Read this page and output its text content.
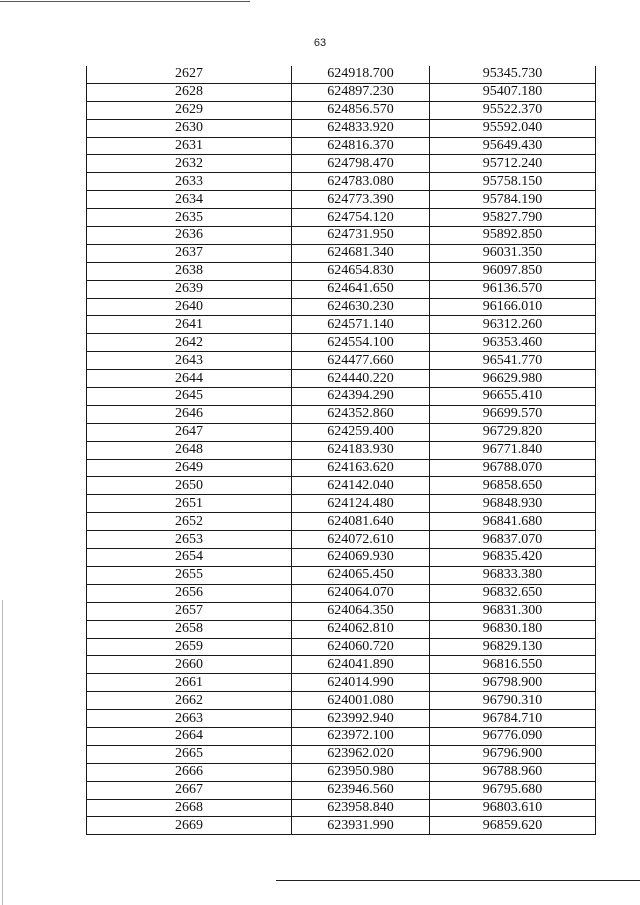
63
2627	624918.700	95345.730
2628	624897.230	95407.180
2629	624856.570	95522.370
2630	624833.920	95592.040
2631	624816.370	95649.430
2632	624798.470	95712.240
2633	624783.080	95758.150
2634	624773.390	95784.190
2635	624754.120	95827.790
2636	624731.950	95892.850
2637	624681.340	96031.350
2638	624654.830	96097.850
2639	624641.650	96136.570
2640	624630.230	96166.010
2641	624571.140	96312.260
2642	624554.100	96353.460
2643	624477.660	96541.770
2644	624440.220	96629.980
2645	624394.290	96655.410
2646	624352.860	96699.570
2647	624259.400	96729.820
2648	624183.930	96771.840
2649	624163.620	96788.070
2650	624142.040	96858.650
2651	624124.480	96848.930
2652	624081.640	96841.680
2653	624072.610	96837.070
2654	624069.930	96835.420
2655	624065.450	96833.380
2656	624064.070	96832.650
2657	624064.350	96831.300
2658	624062.810	96830.180
2659	624060.720	96829.130
2660	624041.890	96816.550
2661	624014.990	96798.900
2662	624001.080	96790.310
2663	623992.940	96784.710
2664	623972.100	96776.090
2665	623962.020	96796.900
2666	623950.980	96788.960
2667	623946.560	96795.680
2668	623958.840	96803.610
2669	623931.990	96859.620
